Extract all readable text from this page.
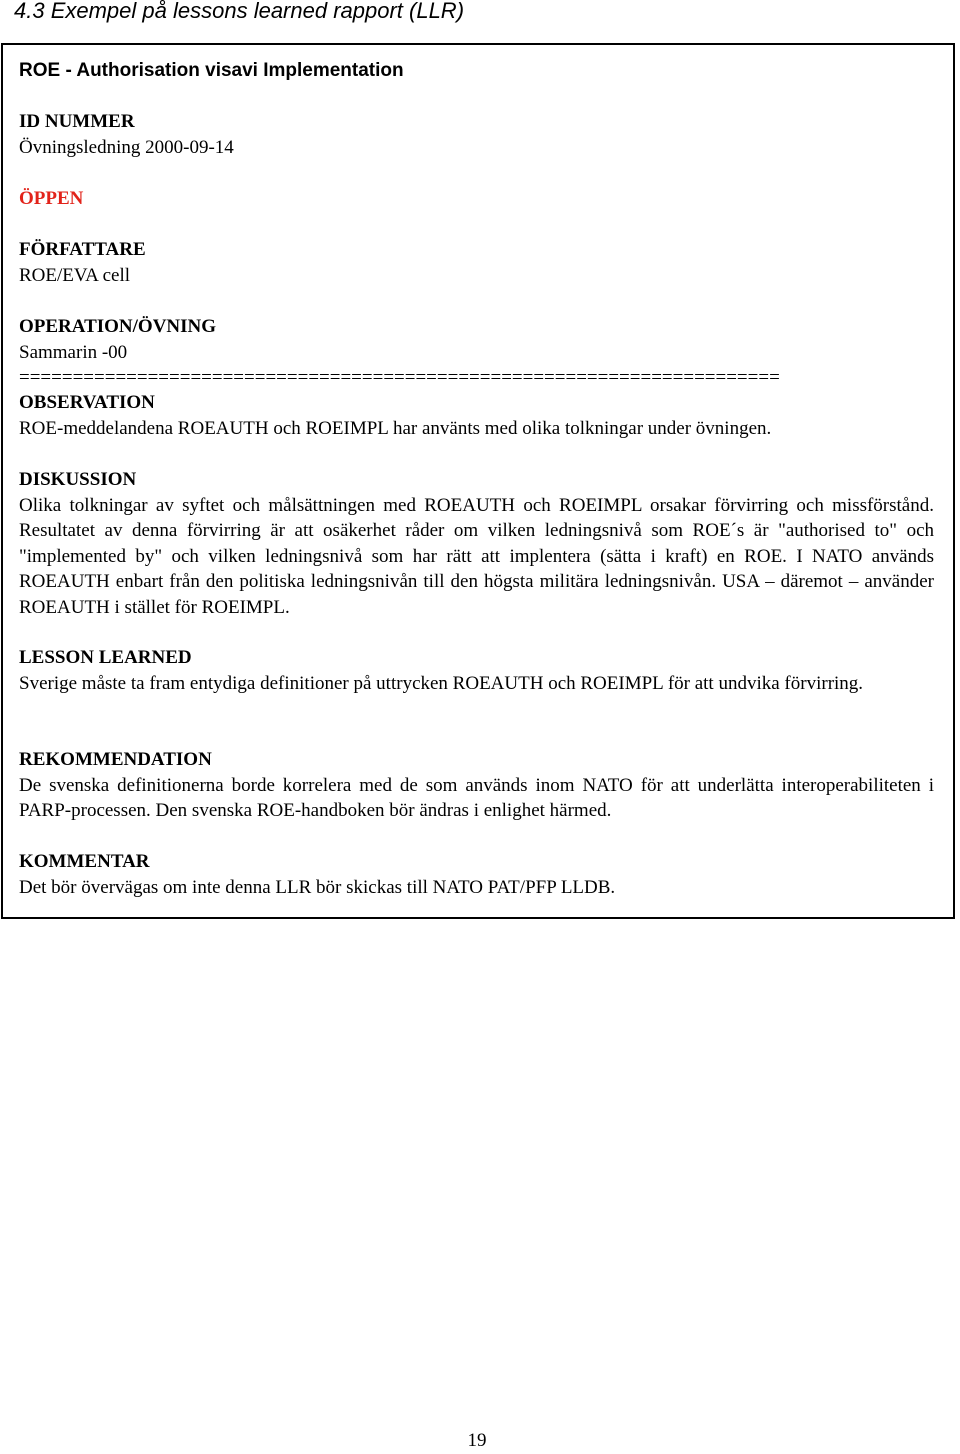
4.3 Exempel på lessons learned rapport (LLR)
ROE - Authorisation visavi Implementation
ID NUMMER
Övningsledning 2000-09-14
ÖPPEN
FÖRFATTARE
ROE/EVA cell
OPERATION/ÖVNING
Sammarin -00
=======================================================================
OBSERVATION
ROE-meddelandena ROEAUTH och ROEIMPL har använts med olika tolkningar under övningen.
DISKUSSION
Olika tolkningar av syftet och målsättningen med ROEAUTH och ROEIMPL orsakar förvirring och missförstånd. Resultatet av denna förvirring är att osäkerhet råder om vilken ledningsnivå som ROE´s är "authorised to" och "implemented by" och vilken ledningsnivå som har rätt att implentera (sätta i kraft) en ROE. I NATO används ROEAUTH enbart från den politiska ledningsnivån till den högsta militära ledningsnivån. USA – däremot – använder ROEAUTH i stället för ROEIMPL.
LESSON LEARNED
Sverige måste ta fram entydiga definitioner på uttrycken ROEAUTH och ROEIMPL för att undvika förvirring.
REKOMMENDATION
De svenska definitionerna borde korrelera med de som används inom NATO för att underlätta interoperabiliteten i PARP-processen. Den svenska ROE-handboken bör ändras i enlighet härmed.
KOMMENTAR
Det bör övervägas om inte denna LLR bör skickas till NATO PAT/PFP LLDB.
19
